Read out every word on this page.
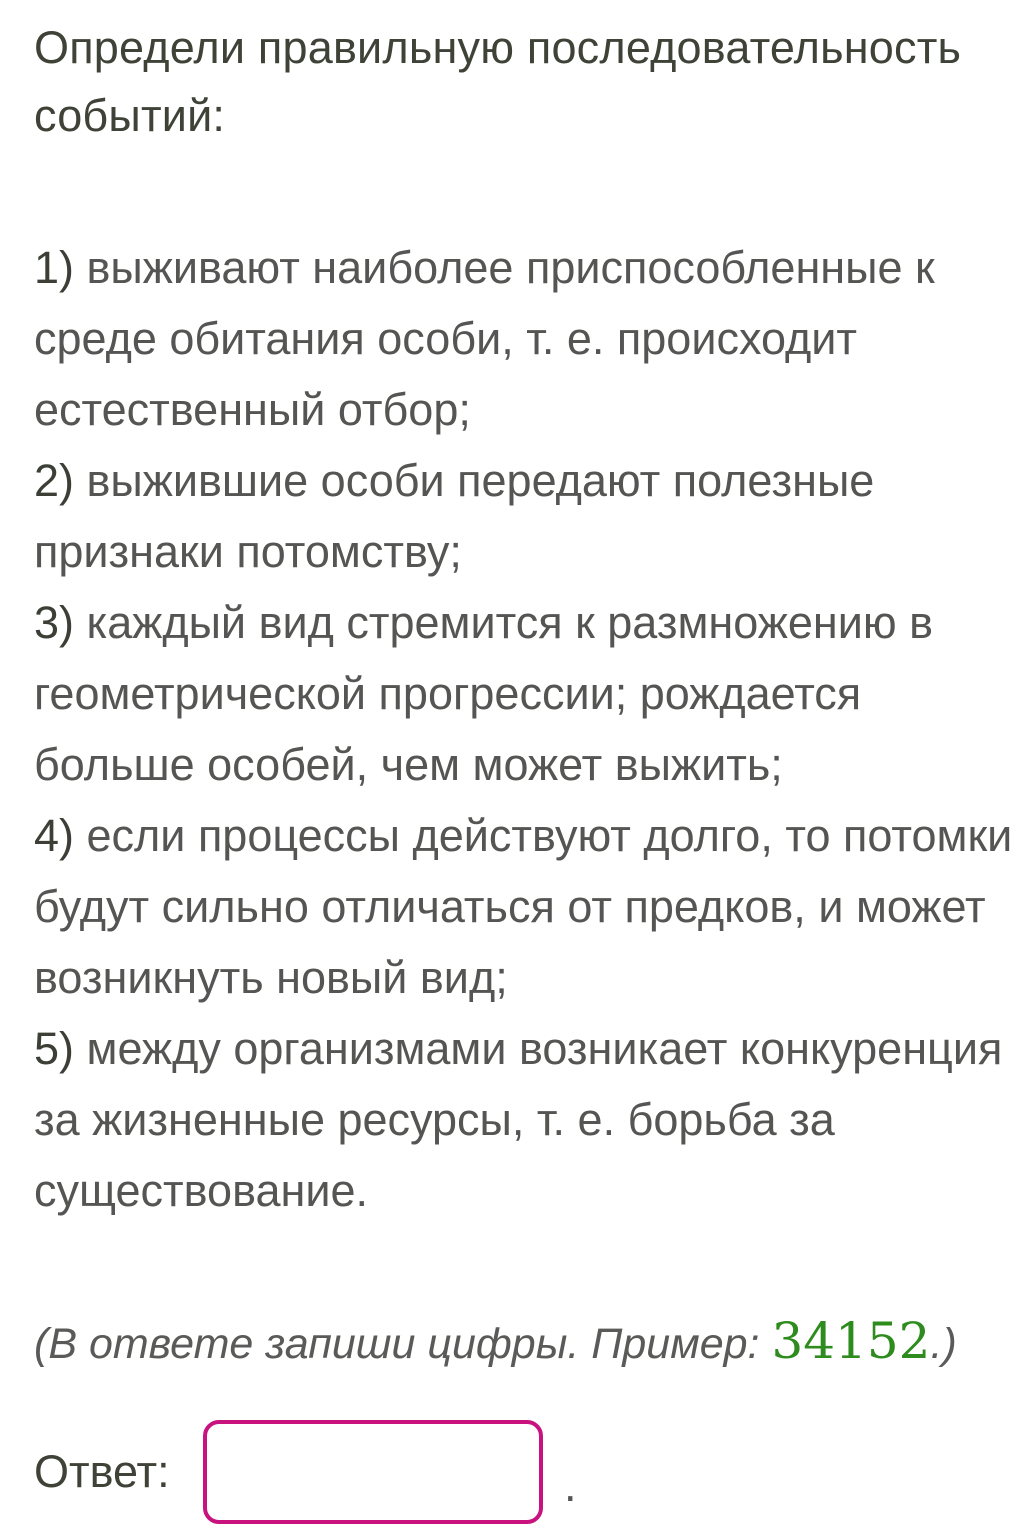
Определи правильную последовательность событий:

1) выживают наиболее приспособленные к среде обитания особи, т. е. происходит естественный отбор;

2) выжившие особи передают полезные признаки потомству;

3) каждый вид стремится к размножению в геометрической прогрессии; рождается больше особей, чем может выжить;

4) если процессы действуют долго, то потомки будут сильно отличаться от предков, и может возникнуть новый вид;

5) между организмами возникает конкуренция за жизненные ресурсы, т. е. борьба за существование.

(В ответе запиши цифры. Пример: 34152.)
Ответ:	.
